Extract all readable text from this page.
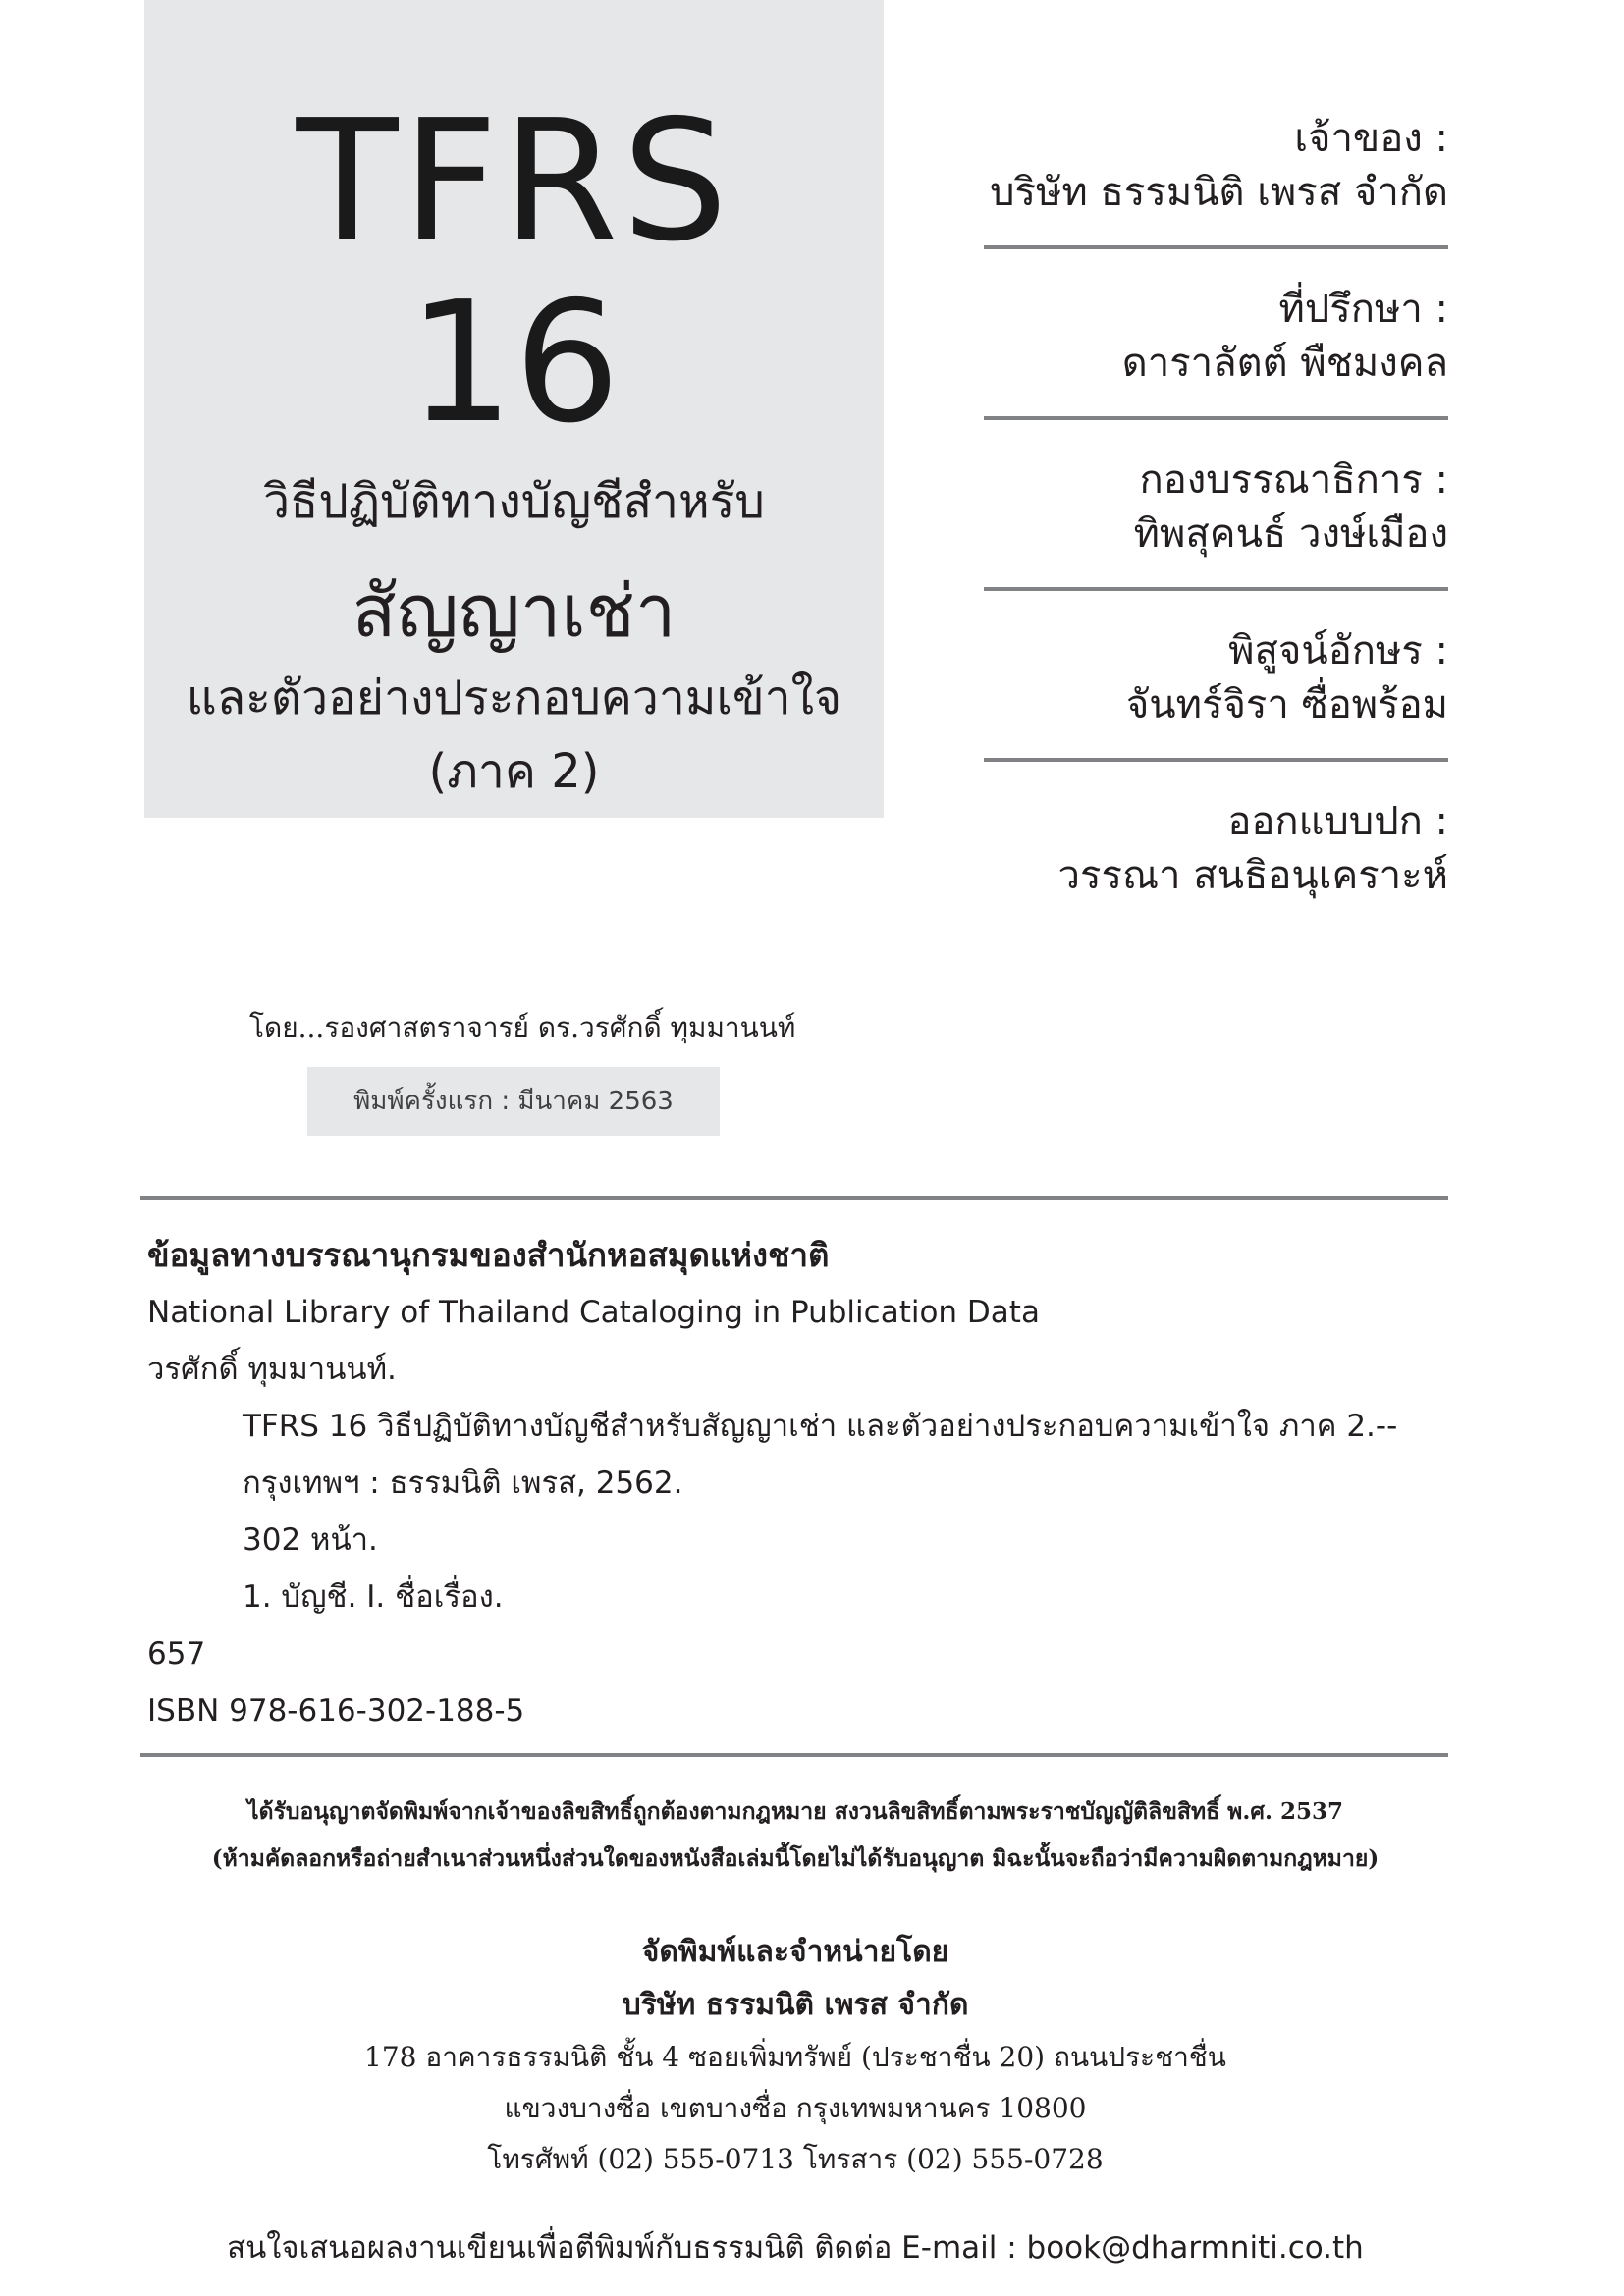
TFRS
16
วิธีปฏิบัติทางบัญชีสำหรับ
สัญญาเช่า
และตัวอย่างประกอบความเข้าใจ
(ภาค 2)
เจ้าของ :
บริษัท ธรรมนิติ เพรส จำกัด
ที่ปรึกษา :
ดาราลัตต์ พืชมงคล
กองบรรณาธิการ :
ทิพสุคนธ์ วงษ์เมือง
พิสูจน์อักษร :
จันทร์จิรา ซื่อพร้อม
ออกแบบปก :
วรรณา สนธิอนุเคราะห์
โดย...รองศาสตราจารย์ ดร.วรศักดิ์ ทุมมานนท์
พิมพ์ครั้งแรก : มีนาคม 2563
ข้อมูลทางบรรณานุกรมของสำนักหอสมุดแห่งชาติ
National Library of Thailand Cataloging in Publication Data
วรศักดิ์ ทุมมานนท์.
TFRS 16 วิธีปฏิบัติทางบัญชีสำหรับสัญญาเช่า และตัวอย่างประกอบความเข้าใจ ภาค 2.--
กรุงเทพฯ : ธรรมนิติ เพรส, 2562.
302 หน้า.
1. บัญชี. I. ชื่อเรื่อง.
657
ISBN 978-616-302-188-5
ได้รับอนุญาตจัดพิมพ์จากเจ้าของลิขสิทธิ์ถูกต้องตามกฎหมาย สงวนลิขสิทธิ์ตามพระราชบัญญัติลิขสิทธิ์ พ.ศ. 2537
(ห้ามคัดลอกหรือถ่ายสำเนาส่วนหนึ่งส่วนใดของหนังสือเล่มนี้โดยไม่ได้รับอนุญาต มิฉะนั้นจะถือว่ามีความผิดตามกฎหมาย)
จัดพิมพ์และจำหน่ายโดย
บริษัท ธรรมนิติ เพรส จำกัด
178 อาคารธรรมนิติ ชั้น 4 ซอยเพิ่มทรัพย์ (ประชาชื่น 20) ถนนประชาชื่น
แขวงบางซื่อ เขตบางซื่อ กรุงเทพมหานคร 10800
โทรศัพท์ (02) 555-0713 โทรสาร (02) 555-0728
สนใจเสนอผลงานเขียนเพื่อตีพิมพ์กับธรรมนิติ ติดต่อ E-mail : book@dharmniti.co.th
